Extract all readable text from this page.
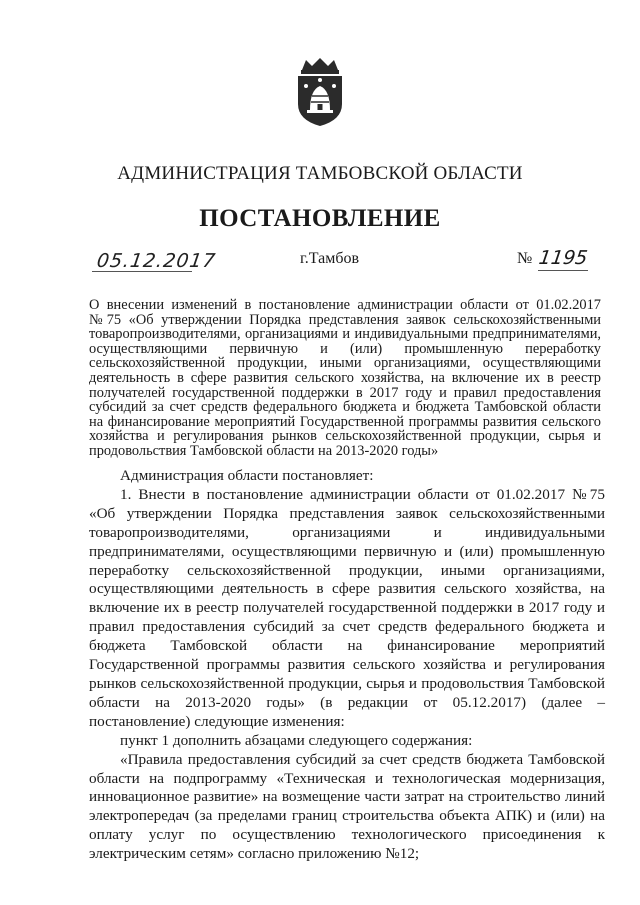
АДМИНИСТРАЦИЯ ТАМБОВСКОЙ ОБЛАСТИ
ПОСТАНОВЛЕНИЕ
05.12.2017	г.Тамбов	№ 1195
О внесении изменений в постановление администрации области от 01.02.2017 №75 «Об утверждении Порядка представления заявок сельскохозяйственными товаропроизводителями, организациями и индивидуальными предпринимателями, осуществляющими первичную и (или) промышленную переработку сельскохозяйственной продукции, иными организациями, осуществляющими деятельность в сфере развития сельского хозяйства, на включение их в реестр получателей государственной поддержки в 2017 году и правил предоставления субсидий за счет средств федерального бюджета и бюджета Тамбовской области на финансирование мероприятий Государственной программы развития сельского хозяйства и регулирования рынков сельскохозяйственной продукции, сырья и продовольствия Тамбовской области на 2013-2020 годы»

Администрация области постановляет:

1. Внести в постановление администрации области от 01.02.2017 №75 «Об утверждении Порядка представления заявок сельскохозяйственными товаропроизводителями, организациями и индивидуальными предпринимателями, осуществляющими первичную и (или) промышленную переработку сельскохозяйственной продукции, иными организациями, осуществляющими деятельность в сфере развития сельского хозяйства, на включение их в реестр получателей государственной поддержки в 2017 году и правил предоставления субсидий за счет средств федерального бюджета и бюджета Тамбовской области на финансирование мероприятий Государственной программы развития сельского хозяйства и регулирования рынков сельскохозяйственной продукции, сырья и продовольствия Тамбовской области на 2013-2020 годы» (в редакции от 05.12.2017) (далее – постановление) следующие изменения:

пункт 1 дополнить абзацами следующего содержания:

«Правила предоставления субсидий за счет средств бюджета Тамбовской области на подпрограмму «Техническая и технологическая модернизация, инновационное развитие» на возмещение части затрат на строительство линий электропередач (за пределами границ строительства объекта АПК) и (или) на оплату услуг по осуществлению технологического присоединения к электрическим сетям» согласно приложению №12;
